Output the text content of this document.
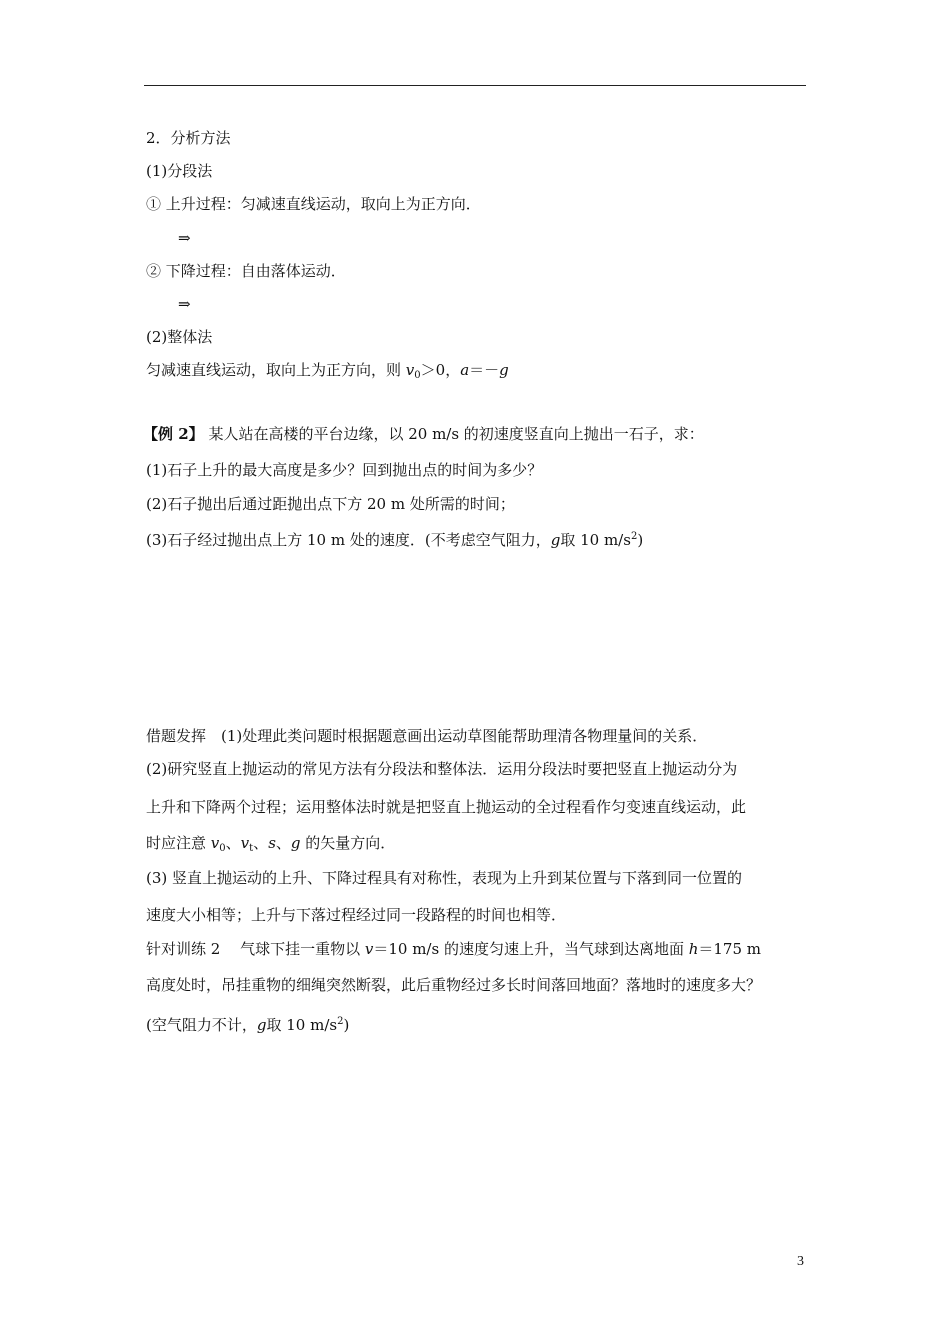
2．分析方法
(1)分段法
① 上升过程：匀减速直线运动，取向上为正方向．
⇒
② 下降过程：自由落体运动．
⇒
(2)整体法
匀减速直线运动，取向上为正方向，则 $v_0>0$，a＝－g
【例 2】 某人站在高楼的平台边缘，以 20 m/s 的初速度竖直向上抛出一石子，求：
(1)石子上升的最大高度是多少？回到抛出点的时间为多少？
(2)石子抛出后通过距抛出点下方 20 m 处所需的时间；
(3)石子经过抛出点上方 10 m 处的速度．(不考虑空气阻力，g取 10 $m/s^2$)
借题发挥　(1)处理此类问题时根据题意画出运动草图能帮助理清各物理量间的关系．
(2)研究竖直上抛运动的常见方法有分段法和整体法．运用分段法时要把竖直上抛运动分为
上升和下降两个过程；运用整体法时就是把竖直上抛运动的全过程看作匀变速直线运动，此
时应注意 $v_0$、$v_t$、s、g 的矢量方向．
(3) 竖直上抛运动的上升、下降过程具有对称性，表现为上升到某位置与下落到同一位置的
速度大小相等；上升与下落过程经过同一段路程的时间也相等．
针对训练 2　 气球下挂一重物以 v＝10 m/s 的速度匀速上升，当气球到达离地面 h＝175 m
高度处时，吊挂重物的细绳突然断裂，此后重物经过多长时间落回地面？落地时的速度多大？
(空气阻力不计，g取 10 $m/s^2$)
3
